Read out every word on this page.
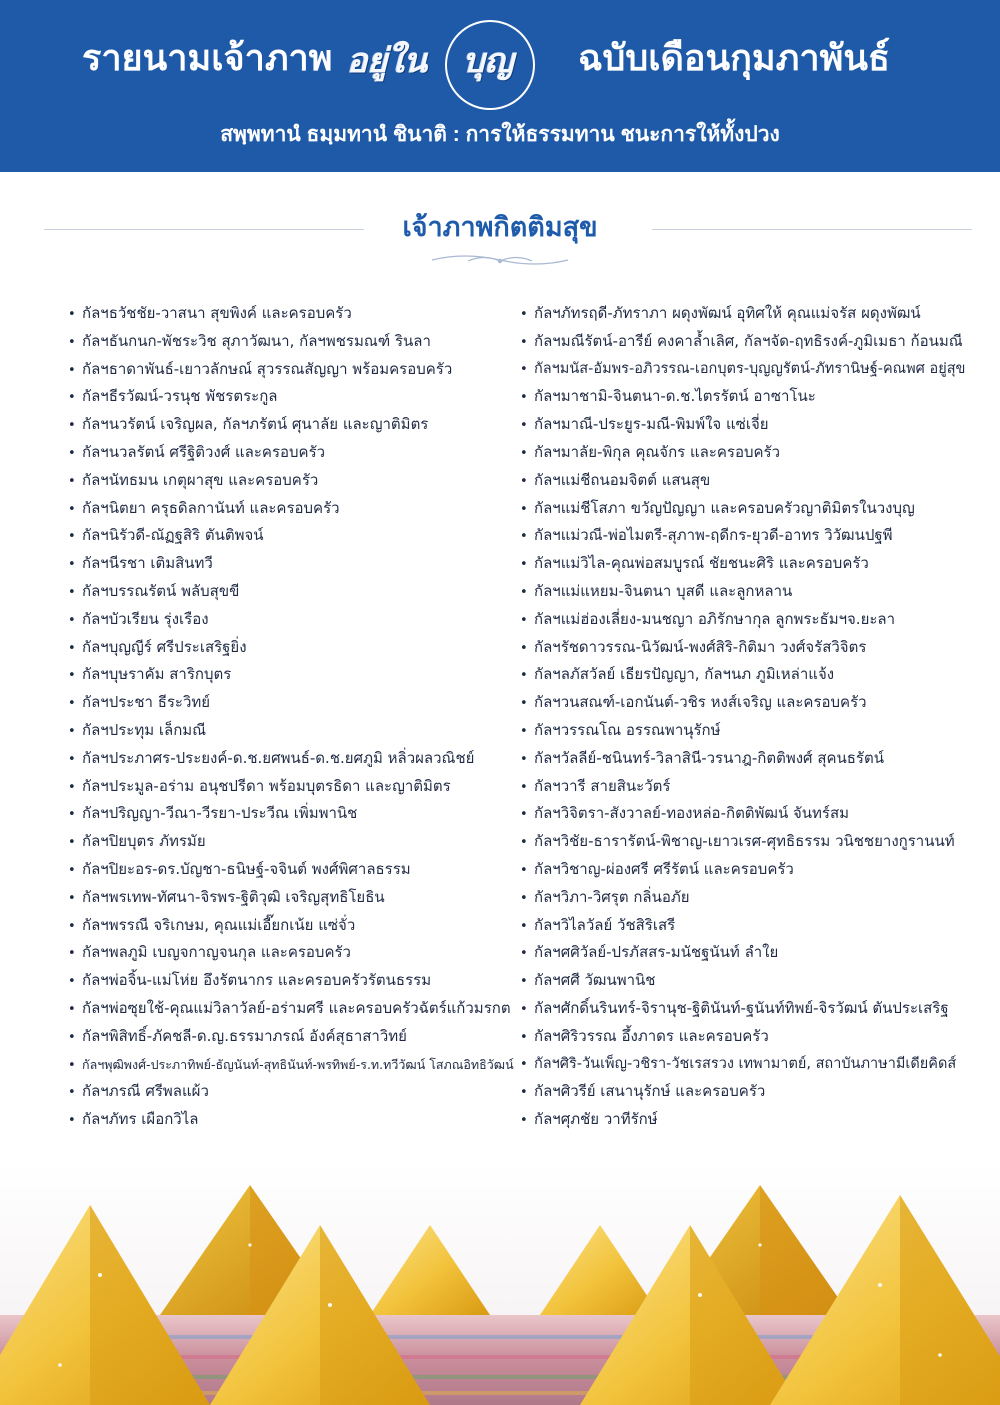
รายนามเจ้าภาพ อยู่ใน บุญ ฉบับเดือนกุมภาพันธ์
สพฺพทานํ ธมฺมทานํ ชินาติ : การให้ธรรมทาน ชนะการให้ทั้งปวง
เจ้าภาพกิตติมสุข
• กัลฯธวัชชัย-วาสนา สุขพิงค์ และครอบครัว
• กัลฯธันกนก-พัชระวิช สุภาวัฒนา, กัลฯพชรมณฑ์ รินลา
• กัลฯธาดาพันธ์-เยาวลักษณ์ สุวรรณสัญญา พร้อมครอบครัว
• กัลฯธีรวัฒน์-วรนุช พัชรตระกูล
• กัลฯนวรัตน์ เจริญผล, กัลฯภรัตน์ ศุนาลัย และญาติมิตร
• กัลฯนวลรัตน์ ศรีฐิติวงศ์ และครอบครัว
• กัลฯนัทธมน เกตุผาสุข และครอบครัว
• กัลฯนิตยา ครุธดิลกานันท์ และครอบครัว
• กัลฯนิรัวดี-ณัฏฐสิริ ตันติพจน์
• กัลฯนีรชา เติมสินทวี
• กัลฯบรรณรัตน์ พลับสุขขี
• กัลฯบัวเรียน รุ่งเรือง
• กัลฯบุญญีร์ ศรีประเสริฐยิ่ง
• กัลฯบุษราคัม สาริกบุตร
• กัลฯประชา ธีระวิทย์
• กัลฯประทุม เล็กมณี
• กัลฯประภาศร-ประยงค์-ด.ช.ยศพนธ์-ด.ช.ยศภูมิ หลิ่วผลวณิชย์
• กัลฯประมูล-อร่าม อนุชปรีดา พร้อมบุตรธิดา และญาติมิตร
• กัลฯปริญญา-วีณา-วีรยา-ประวีณ เพิ่มพานิช
• กัลฯปิยบุตร ภัทรมัย
• กัลฯปิยะอร-ดร.บัญชา-ธนิษฐ์-จจินต์ พงศ์พิศาลธรรม
• กัลฯพรเทพ-ทัศนา-จิรพร-ฐิติวุฒิ เจริญสุทธิโยธิน
• กัลฯพรรณี จริเกษม, คุณแม่เอี๊ยกเน้ย แซ่จั่ว
• กัลฯพลภูมิ เบญจกาญจนกุล และครอบครัว
• กัลฯพ่อจิ้น-แม่โห่ย อึงรัตนากร และครอบครัวรัตนธรรม
• กัลฯพ่อซุยใช้-คุณแม่วิลาวัลย์-อร่ามศรี และครอบครัวฉัตร์แก้วมรกต
• กัลฯพิสิทธิ์-ภัคชลี-ด.ญ.ธรรมาภรณ์ อังค์สุธาสาวิทย์
• กัลฯพุฒิพงศ์-ประภาทิพย์-ธัญนันท์-สุทธินันท์-พรทิพย์-ร.ท.ทวีวัฒน์ โสภณอิทธิวัฒน์
• กัลฯภรณี ศรีพลแผ้ว
• กัลฯภัทร เผือกวิไล
• กัลฯภัทรฤดี-ภัทราภา ผดุงพัฒน์ อุทิศให้ คุณแม่จรัส ผดุงพัฒน์
• กัลฯมณีรัตน์-อารีย์ คงคาล้ำเลิศ, กัลฯจัด-ฤทธิรงค์-ภูมิเมธา ก้อนมณี
• กัลฯมนัส-อัมพร-อภิวรรณ-เอกบุตร-บุญญรัตน์-ภัทรานิษฐ์-คณพศ อยู่สุข
• กัลฯมาชามิ-จินตนา-ด.ช.ไตรรัตน์ อาซาโนะ
• กัลฯมาณี-ประยูร-มณี-พิมพ์ใจ แซ่เจี่ย
• กัลฯมาลัย-พิกุล คุณจักร และครอบครัว
• กัลฯแม่ชีถนอมจิตต์ แสนสุข
• กัลฯแม่ชีโสภา ขวัญปัญญา และครอบครัวญาติมิตรในวงบุญ
• กัลฯแม่วณี-พ่อไมตรี-สุภาพ-ฤดีกร-ยุวดี-อาทร วิวัฒนปฐพี
• กัลฯแม่วิไล-คุณพ่อสมบูรณ์ ชัยชนะศิริ และครอบครัว
• กัลฯแม่แหยม-จินตนา บุสดี และลูกหลาน
• กัลฯแม่ฮ่องเลี่ยง-มนชญา อภิรักษากุล ลูกพระธัมฯจ.ยะลา
• กัลฯรัชดาวรรณ-นิวัฒน์-พงศ์สิริ-กิติมา วงศ์จรัสวิจิตร
• กัลฯลภัสวัลย์ เธียรปัญญา, กัลฯนภ ภูมิเหล่าแจ้ง
• กัลฯวนสณฑ์-เอกนันต์-วชิร หงส์เจริญ และครอบครัว
• กัลฯวรรณโณ อรรณพานุรักษ์
• กัลฯวัลลีย์-ชนินทร์-วิลาสินี-วรนาฎ-กิตติพงศ์ สุคนธรัตน์
• กัลฯวารี สายสินะวัตร์
• กัลฯวิจิตรา-สังวาลย์-ทองหล่อ-กิตติพัฒน์ จันทร์สม
• กัลฯวิชัย-ธารารัตน์-พิชาญ-เยาวเรศ-ศุทธิธรรม วนิชชยางกูรานนท์
• กัลฯวิชาญ-ผ่องศรี ศรีรัตน์ และครอบครัว
• กัลฯวิภา-วิศรุต กลิ่นอภัย
• กัลฯวิไลวัลย์ วัชสิริเสรี
• กัลฯศศิวัลย์-ปรภัสสร-มนัชฐนันท์ ลำใย
• กัลฯศศี วัฒนพานิช
• กัลฯศักดิ์นรินทร์-จิรานุช-ฐิตินันท์-ฐนันท์ทิพย์-จิรวัฒน์ ตันประเสริฐ
• กัลฯศิริวรรณ อึ้งภาดร และครอบครัว
• กัลฯศิริ-วันเพ็ญ-วชิรา-วัชเรสรวง เทพามาตย์, สถาบันภาษามีเดียคิดส์
• กัลฯศิวรีย์ เสนานุรักษ์ และครอบครัว
• กัลฯศุภชัย วาทีรักษ์
